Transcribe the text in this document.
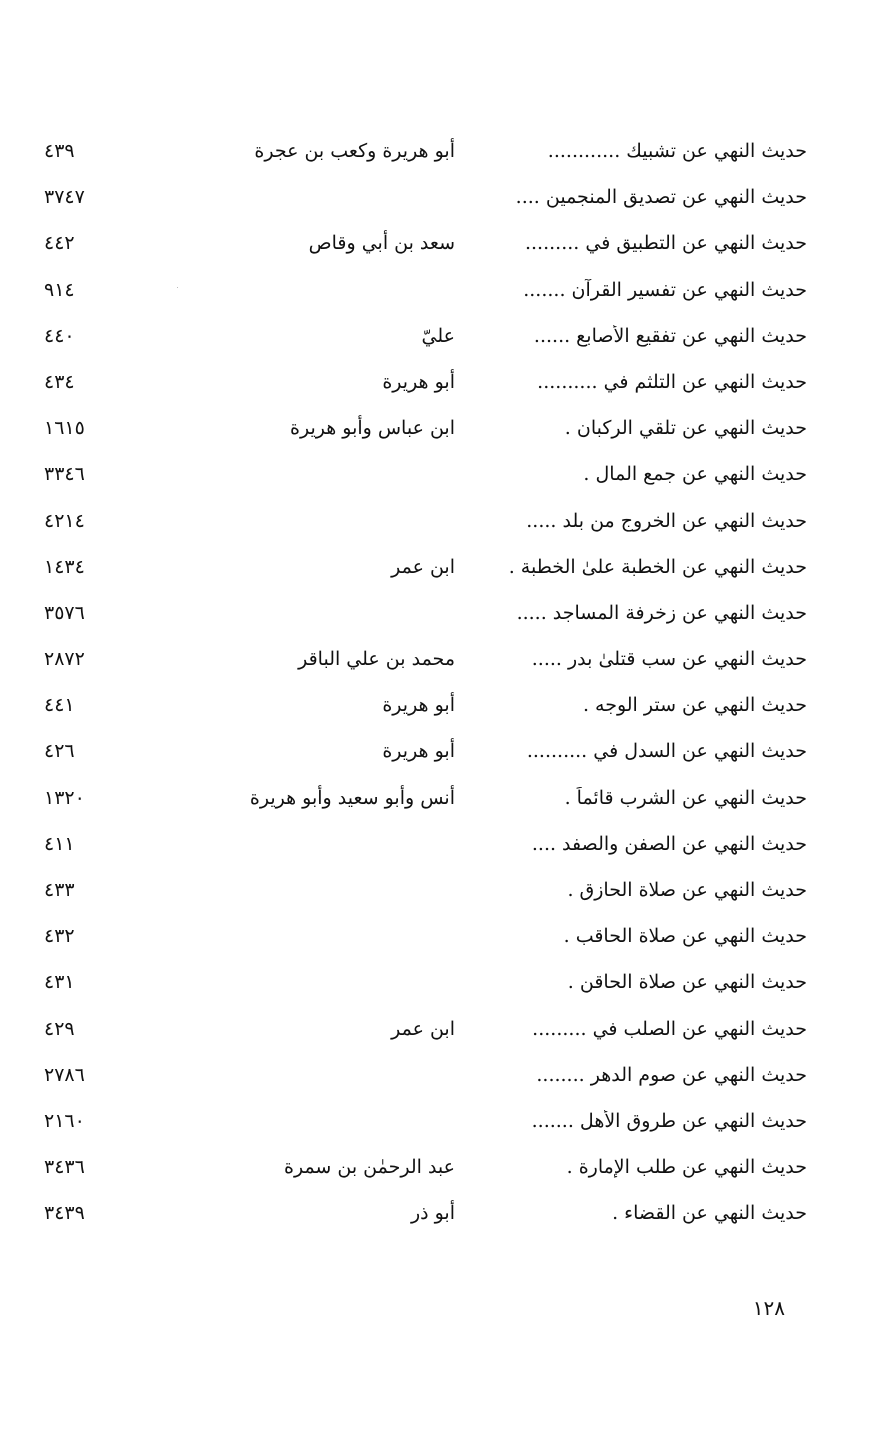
حديث النهي عن تشبيك ............
أبو هريرة وكعب بن عجرة
٤٣٩
حديث النهي عن تصديق المنجمين ....
٣٧٤٧
حديث النهي عن التطبيق في .........
سعد بن أبي وقاص
٤٤٢
حديث النهي عن تفسير القرآن .......
٩١٤
حديث النهي عن تفقيع الأصابع ......
عليّ
٤٤٠
حديث النهي عن التلثم في ..........
أبو هريرة
٤٣٤
حديث النهي عن تلقي الركبان .
ابن عباس وأبو هريرة
١٦١٥
حديث النهي عن جمع المال .
٣٣٤٦
حديث النهي عن الخروج من بلد .....
٤٢١٤
حديث النهي عن الخطبة علىٰ الخطبة .
ابن عمر
١٤٣٤
حديث النهي عن زخرفة المساجد .....
٣٥٧٦
حديث النهي عن سب قتلىٰ بدر .....
محمد بن علي الباقر
٢٨٧٢
حديث النهي عن ستر الوجه .
أبو هريرة
٤٤١
حديث النهي عن السدل في ..........
أبو هريرة
٤٢٦
حديث النهي عن الشرب قائماً .
أنس وأبو سعيد وأبو هريرة
١٣٢٠
حديث النهي عن الصفن والصفد ....
٤١١
حديث النهي عن صلاة الحازق .
٤٣٣
حديث النهي عن صلاة الحاقب .
٤٣٢
حديث النهي عن صلاة الحاقن .
٤٣١
حديث النهي عن الصلب في .........
ابن عمر
٤٢٩
حديث النهي عن صوم الدهر ........
٢٧٨٦
حديث النهي عن طروق الأهل .......
٢١٦٠
حديث النهي عن طلب الإمارة .
عبد الرحمٰن بن سمرة
٣٤٣٦
حديث النهي عن القضاء .
أبو ذر
٣٤٣٩
١٢٨
